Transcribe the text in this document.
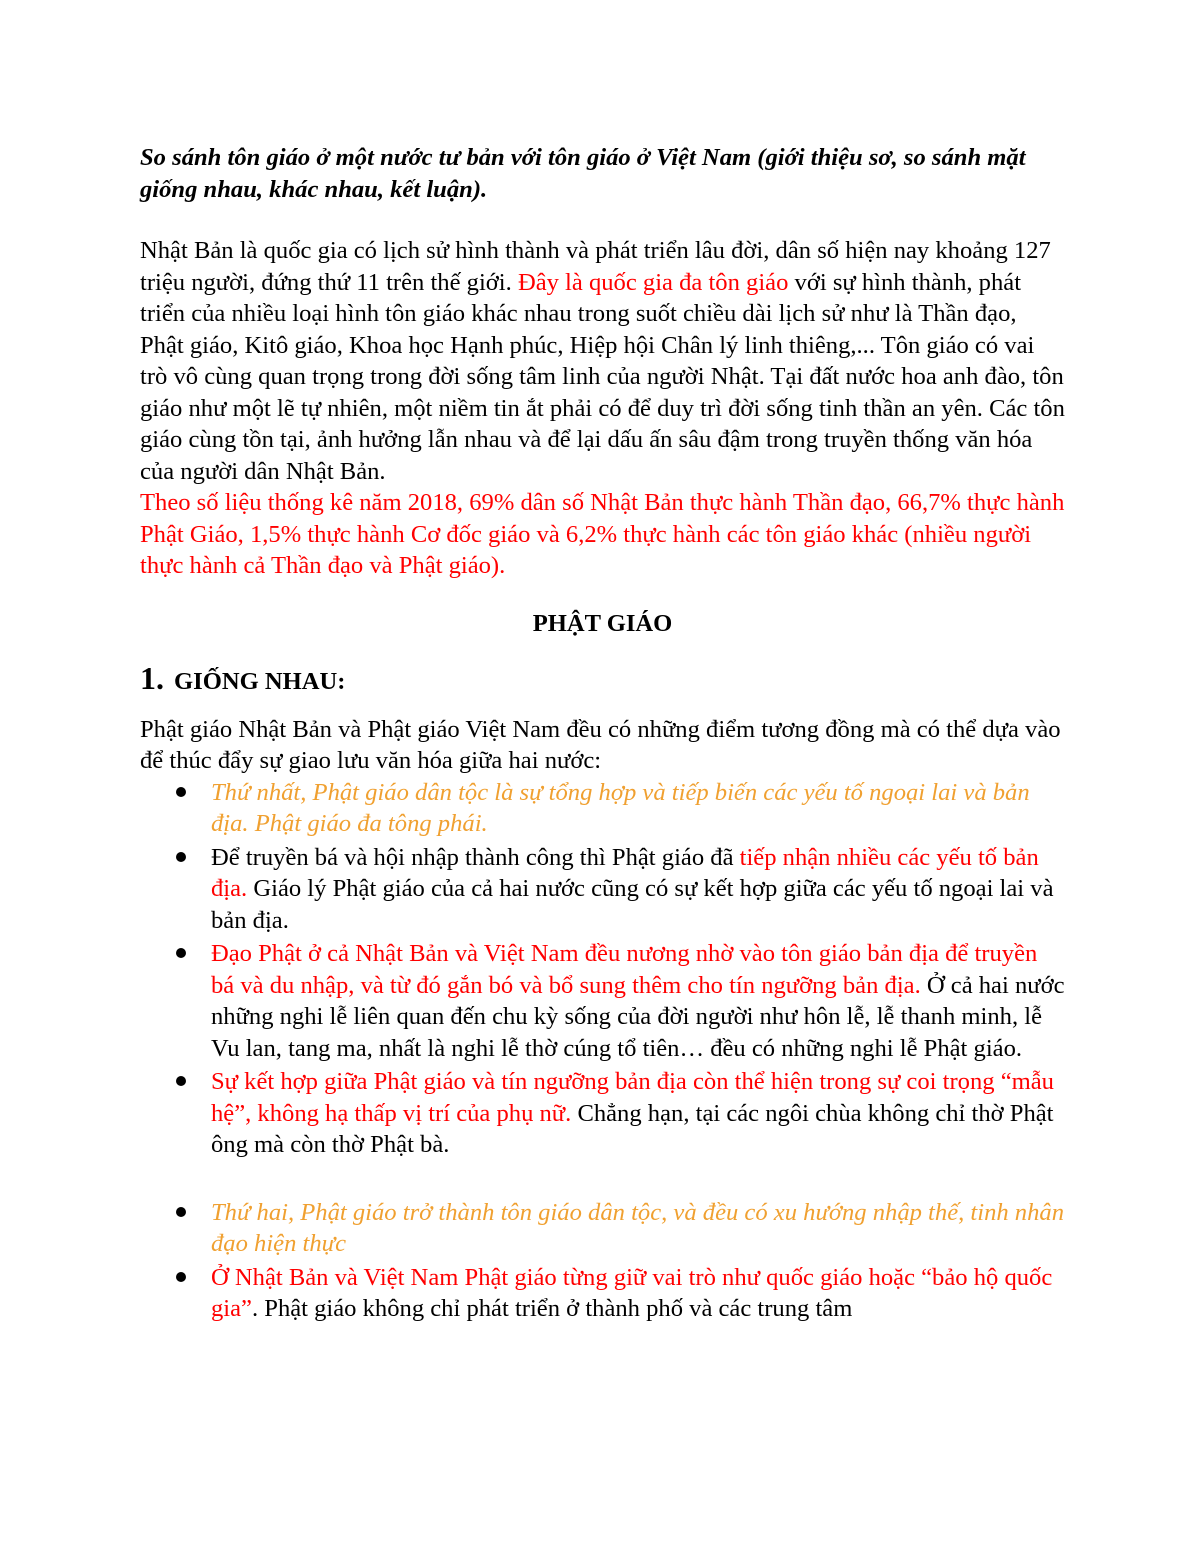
So sánh tôn giáo ở một nước tư bản với tôn giáo ở Việt Nam (giới thiệu sơ, so sánh mặt giống nhau, khác nhau, kết luận).

Nhật Bản là quốc gia có lịch sử hình thành và phát triển lâu đời, dân số hiện nay khoảng 127 triệu người, đứng thứ 11 trên thế giới. Đây là quốc gia đa tôn giáo với sự hình thành, phát triển của nhiều loại hình tôn giáo khác nhau trong suốt chiều dài lịch sử như là Thần đạo, Phật giáo, Kitô giáo, Khoa học Hạnh phúc, Hiệp hội Chân lý linh thiêng,... Tôn giáo có vai trò vô cùng quan trọng trong đời sống tâm linh của người Nhật. Tại đất nước hoa anh đào, tôn giáo như một lẽ tự nhiên, một niềm tin ắt phải có để duy trì đời sống tinh thần an yên. Các tôn giáo cùng tồn tại, ảnh hưởng lẫn nhau và để lại dấu ấn sâu đậm trong truyền thống văn hóa của người dân Nhật Bản.

Theo số liệu thống kê năm 2018, 69% dân số Nhật Bản thực hành Thần đạo, 66,7% thực hành Phật Giáo, 1,5% thực hành Cơ đốc giáo và 6,2% thực hành các tôn giáo khác (nhiều người thực hành cả Thần đạo và Phật giáo).

PHẬT GIÁO

1. GIỐNG NHAU:

Phật giáo Nhật Bản và Phật giáo Việt Nam đều có những điểm tương đồng mà có thể dựa vào để thúc đẩy sự giao lưu văn hóa giữa hai nước:

Thứ nhất, Phật giáo dân tộc là sự tổng hợp và tiếp biến các yếu tố ngoại lai và bản địa. Phật giáo đa tông phái.
Để truyền bá và hội nhập thành công thì Phật giáo đã tiếp nhận nhiều các yếu tố bản địa. Giáo lý Phật giáo của cả hai nước cũng có sự kết hợp giữa các yếu tố ngoại lai và bản địa.
Đạo Phật ở cả Nhật Bản và Việt Nam đều nương nhờ vào tôn giáo bản địa để truyền bá và du nhập, và từ đó gắn bó và bổ sung thêm cho tín ngưỡng bản địa. Ở cả hai nước những nghi lễ liên quan đến chu kỳ sống của đời người như hôn lễ, lễ thanh minh, lễ Vu lan, tang ma, nhất là nghi lễ thờ cúng tổ tiên… đều có những nghi lễ Phật giáo.
Sự kết hợp giữa Phật giáo và tín ngưỡng bản địa còn thể hiện trong sự coi trọng “mẫu hệ”, không hạ thấp vị trí của phụ nữ. Chẳng hạn, tại các ngôi chùa không chỉ thờ Phật ông mà còn thờ Phật bà.
Thứ hai, Phật giáo trở thành tôn giáo dân tộc, và đều có xu hướng nhập thế, tinh nhân đạo hiện thực
Ở Nhật Bản và Việt Nam Phật giáo từng giữ vai trò như quốc giáo hoặc “bảo hộ quốc gia”. Phật giáo không chỉ phát triển ở thành phố và các trung tâm
